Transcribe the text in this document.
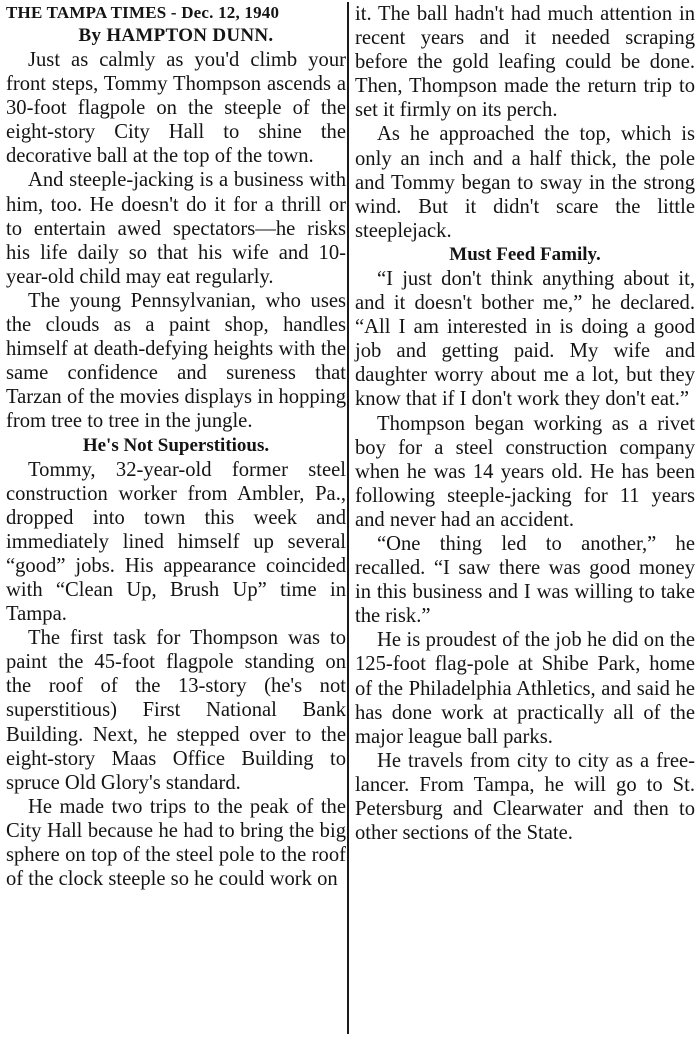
THE TAMPA TIMES - Dec. 12, 1940
By HAMPTON DUNN.

Just as calmly as you'd climb your front steps, Tommy Thompson ascends a 30-foot flagpole on the steeple of the eight-story City Hall to shine the decorative ball at the top of the town.

And steeple-jacking is a business with him, too. He doesn't do it for a thrill or to entertain awed spectators—he risks his life daily so that his wife and 10-year-old child may eat regularly.

The young Pennsylvanian, who uses the clouds as a paint shop, handles himself at death-defying heights with the same confidence and sureness that Tarzan of the movies displays in hopping from tree to tree in the jungle.

He's Not Superstitious.

Tommy, 32-year-old former steel construction worker from Ambler, Pa., dropped into town this week and immediately lined himself up several “good” jobs. His appearance coincided with “Clean Up, Brush Up” time in Tampa.

The first task for Thompson was to paint the 45-foot flagpole standing on the roof of the 13-story (he's not superstitious) First National Bank Building. Next, he stepped over to the eight-story Maas Office Building to spruce Old Glory's standard.

He made two trips to the peak of the City Hall because he had to bring the big sphere on top of the steel pole to the roof of the clock steeple so he could work on

it. The ball hadn't had much attention in recent years and it needed scraping before the gold leafing could be done. Then, Thompson made the return trip to set it firmly on its perch.

As he approached the top, which is only an inch and a half thick, the pole and Tommy began to sway in the strong wind. But it didn't scare the little steeplejack.

Must Feed Family.

“I just don't think anything about it, and it doesn't bother me,” he declared. “All I am interested in is doing a good job and getting paid. My wife and daughter worry about me a lot, but they know that if I don't work they don't eat.”

Thompson began working as a rivet boy for a steel construction company when he was 14 years old. He has been following steeple-jacking for 11 years and never had an accident.

“One thing led to another,” he recalled. “I saw there was good money in this business and I was willing to take the risk.”

He is proudest of the job he did on the 125-foot flag-pole at Shibe Park, home of the Philadelphia Athletics, and said he has done work at practically all of the major league ball parks.

He travels from city to city as a free-lancer. From Tampa, he will go to St. Petersburg and Clearwater and then to other sections of the State.
